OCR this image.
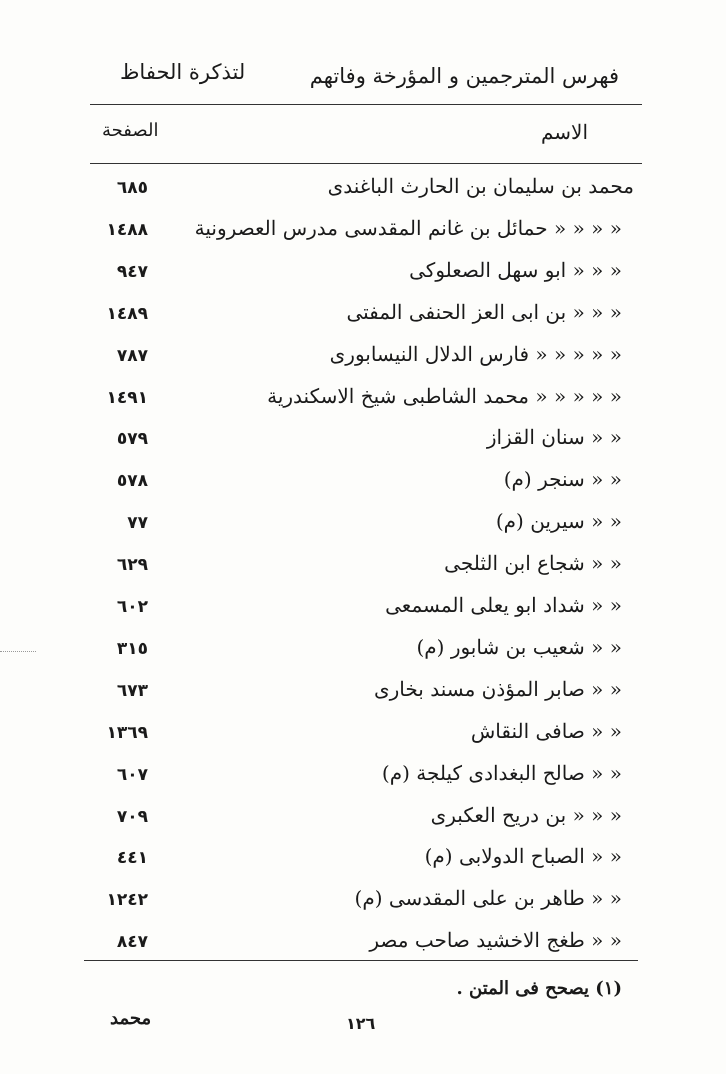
فهرس المترجمين و المؤرخة وفاتهم
لتذكرة الحفاظ
الاسم
الصفحة
محمد بن سليمان بن الحارث الباغندى
٦٨٥
« « « « حمائل بن غانم المقدسى مدرس العصرونية
١٤٨٨
« « « ابو سهل الصعلوكى
٩٤٧
« « « بن ابى العز الحنفى المفتى
١٤٨٩
« « « « « فارس الدلال النيسابورى
٧٨٧
« « « « « محمد الشاطبى شيخ الاسكندرية
١٤٩١
« « سنان القزاز
٥٧٩
« « سنجر (م)
٥٧٨
« « سيرين (م)
٧٧
« « شجاع ابن الثلجى
٦٢٩
« « شداد ابو يعلى المسمعى
٦٠٢
« « شعيب بن شابور (م)
٣١٥
« « صابر المؤذن مسند بخارى
٦٧٣
« « صافى النقاش
١٣٦٩
« « صالح البغدادى كيلجة (م)
٦٠٧
« « « بن دريح العكبرى
٧٠٩
« « الصباح الدولابى (م)
٤٤١
« « طاهر بن على المقدسى (م)
١٢٤٢
« « طغج الاخشيد صاحب مصر
٨٤٧
(١) يصحح فى المتن .
محمد	١٢٦
